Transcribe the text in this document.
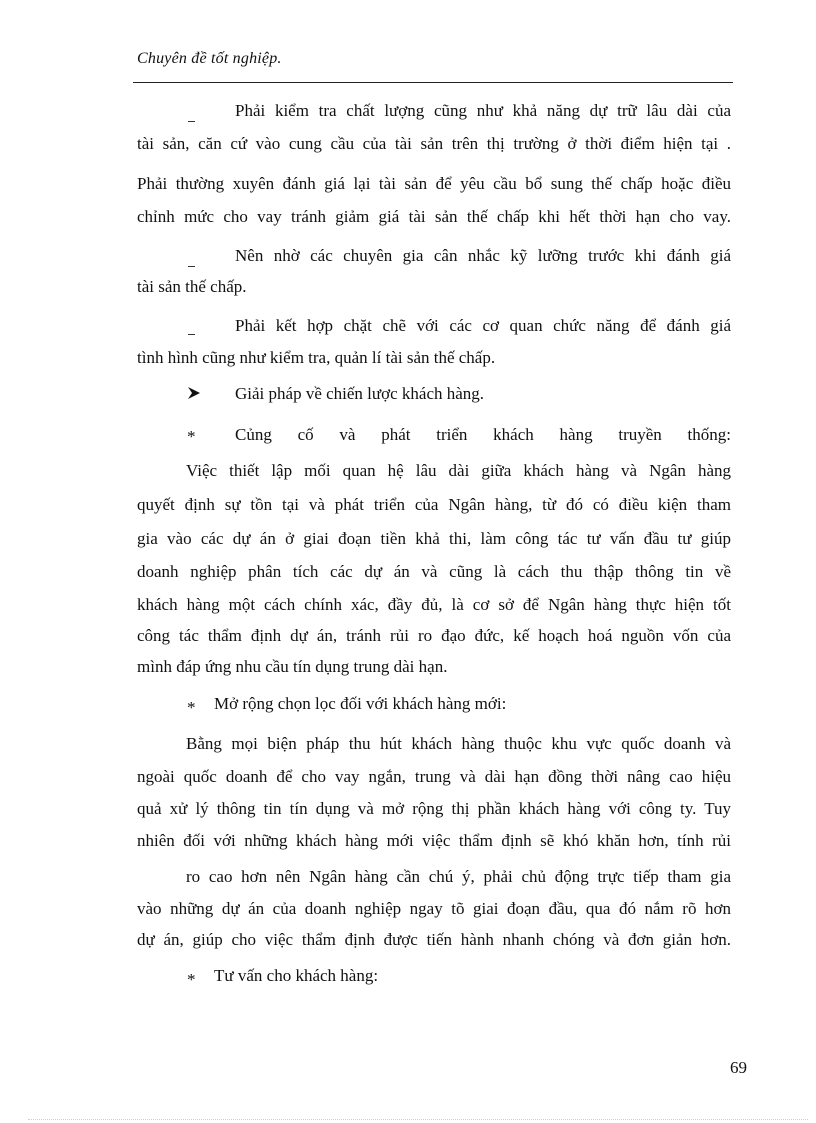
Chuyên đề tốt nghiệp.
Phải kiểm tra chất lượng cũng như khả năng dự trữ lâu dài của
tài sản, căn cứ vào cung cầu của tài sản trên thị trường ở thời điểm hiện tại .
Phải thường xuyên đánh giá lại tài sản để yêu cầu bổ sung thế chấp hoặc điều
chỉnh mức cho vay tránh giảm giá tài sản thế chấp khi hết thời hạn cho vay.
Nên nhờ các chuyên gia cân nhắc kỹ lưỡng trước khi đánh giá
tài sản thế chấp.
Phải kết hợp chặt chẽ với các cơ quan chức năng để đánh giá
tình hình cũng như kiểm tra, quản lí tài sản thế chấp.
Giải pháp về chiến lược khách hàng.
* Củng cố và phát triển khách hàng truyền thống:
Việc thiết lập mối quan hệ lâu dài giữa khách hàng và Ngân hàng
quyết định sự tồn tại và phát triển của Ngân hàng, từ đó có điều kiện tham
gia vào các dự án ở giai đoạn tiền khả thi, làm công tác tư vấn đầu tư giúp
doanh nghiệp phân tích các dự án và cũng là cách thu thập thông tin về
khách hàng một cách chính xác, đầy đủ, là cơ sở để Ngân hàng thực hiện tốt
công tác thẩm định dự án, tránh rủi ro đạo đức, kế hoạch hoá nguồn vốn của
mình đáp ứng nhu cầu tín dụng trung dài hạn.
* Mở rộng chọn lọc đối với khách hàng mới:
Bằng mọi biện pháp thu hút khách hàng thuộc khu vực quốc doanh và
ngoài quốc doanh để cho vay ngắn, trung và dài hạn đồng thời nâng cao hiệu
quả xử lý thông tin tín dụng và mở rộng thị phần khách hàng với công ty. Tuy
nhiên đối với những khách hàng mới việc thẩm định sẽ khó khăn hơn, tính rủi
ro cao hơn nên Ngân hàng cần chú ý, phải chủ động trực tiếp tham gia
vào những dự án của doanh nghiệp ngay tõ giai đoạn đầu, qua đó nắm rõ hơn
dự án, giúp cho việc thẩm định được tiến hành nhanh chóng và đơn giản hơn.
* Tư vấn cho khách hàng:
69
